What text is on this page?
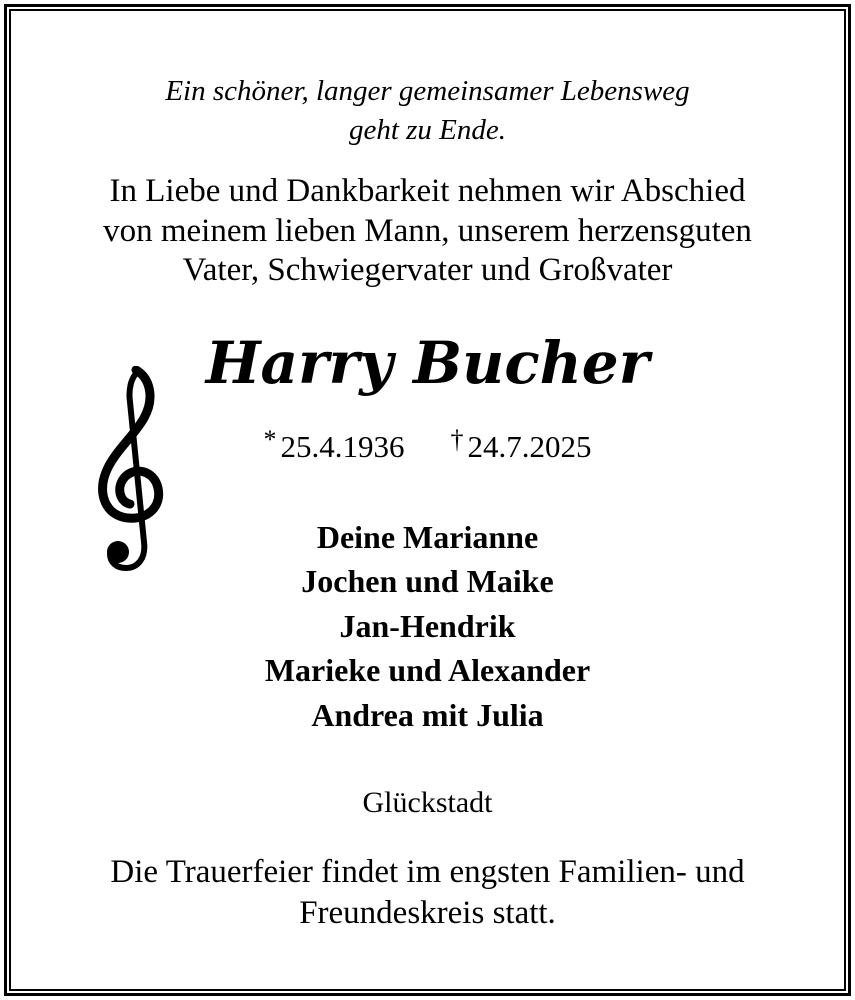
Ein schöner, langer gemeinsamer Lebensweg
geht zu Ende.
In Liebe und Dankbarkeit nehmen wir Abschied
von meinem lieben Mann, unserem herzensguten
Vater, Schwiegervater und Großvater
Harry Bucher
* 25.4.1936 † 24.7.2025
Deine Marianne
Jochen und Maike
Jan-Hendrik
Marieke und Alexander
Andrea mit Julia
Glückstadt
Die Trauerfeier findet im engsten Familien- und
Freundeskreis statt.
